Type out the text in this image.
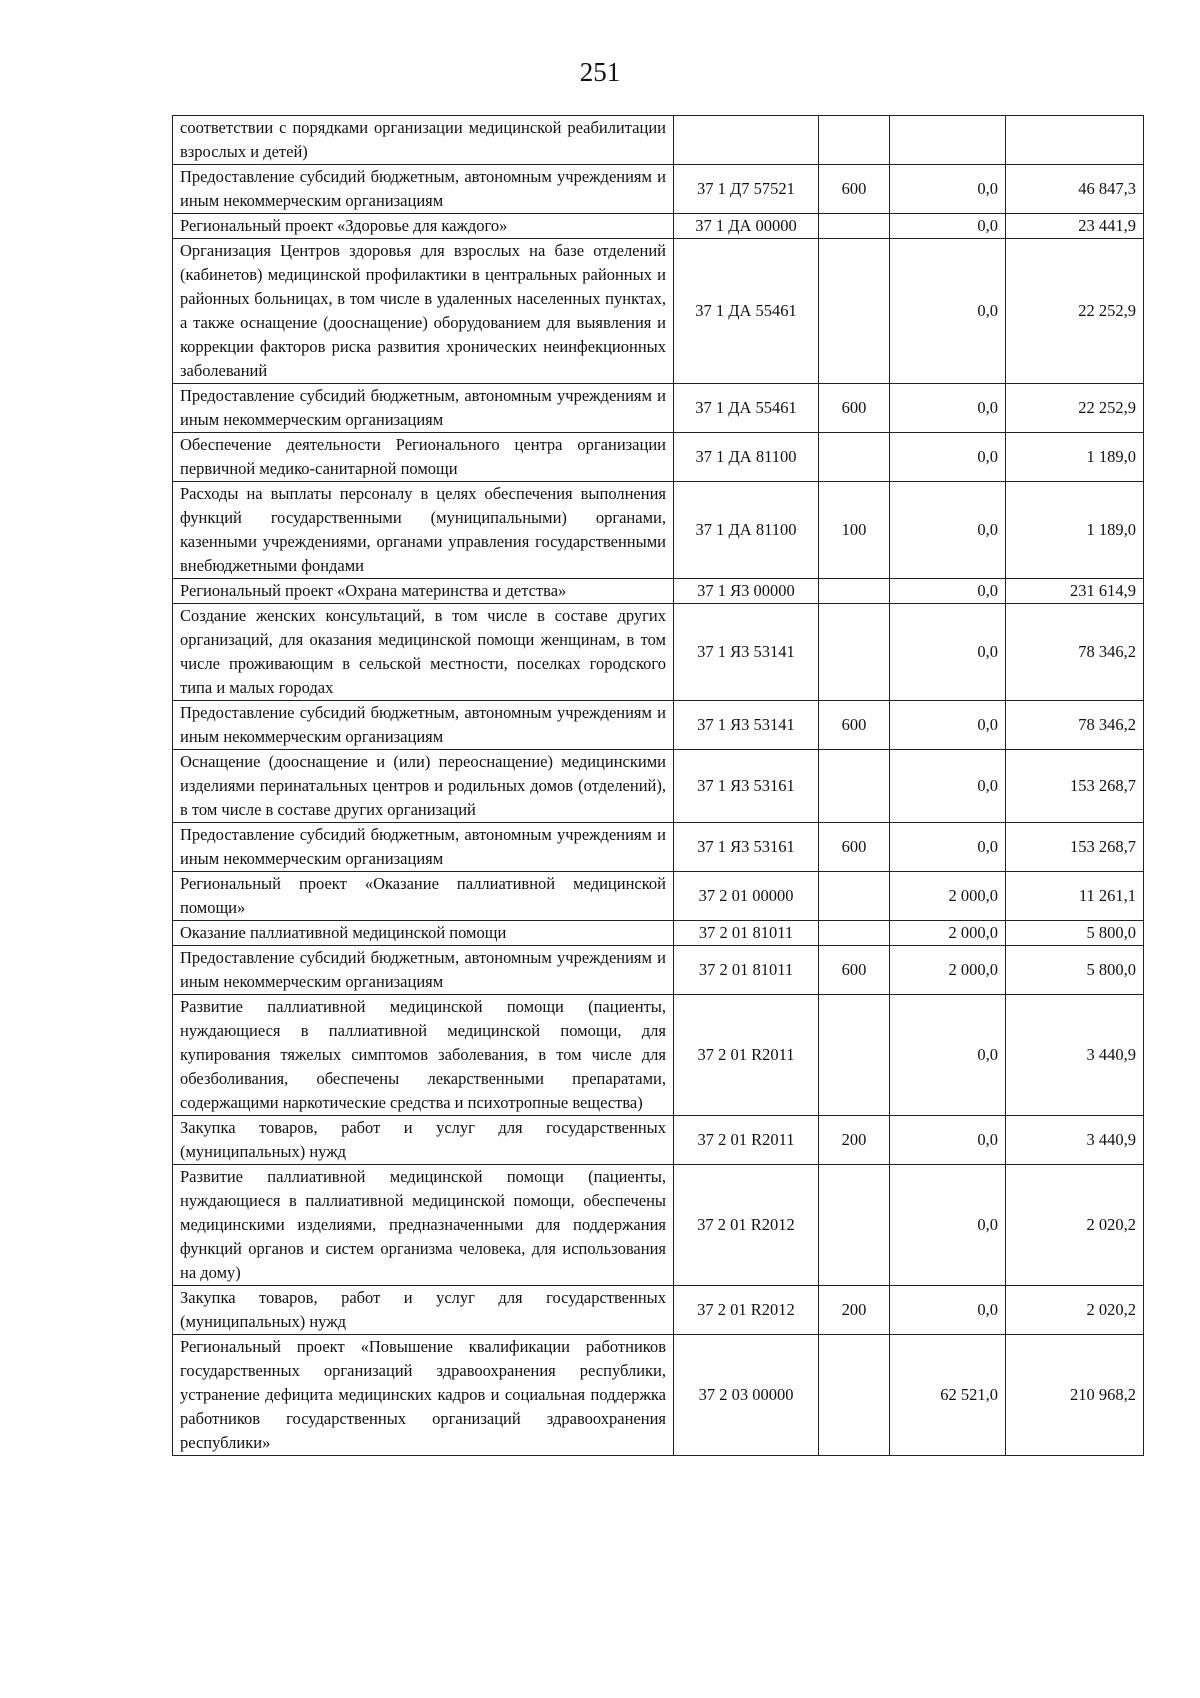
251
соответствии с порядками организации медицинской реабилитации взрослых и детей)				
Предоставление субсидий бюджетным, автономным учреждениям и иным некоммерческим организациям	37 1 Д7 57521	600	0,0	46 847,3
Региональный проект «Здоровье для каждого»	37 1 ДА 00000		0,0	23 441,9
Организация Центров здоровья для взрослых на базе отделений (кабинетов) медицинской профилактики в центральных районных и районных больницах, в том числе в удаленных населенных пунктах, а также оснащение (дооснащение) оборудованием для выявления и коррекции факторов риска развития хронических неинфекционных заболеваний	37 1 ДА 55461		0,0	22 252,9
Предоставление субсидий бюджетным, автономным учреждениям и иным некоммерческим организациям	37 1 ДА 55461	600	0,0	22 252,9
Обеспечение деятельности Регионального центра организации первичной медико-санитарной помощи	37 1 ДА 81100		0,0	1 189,0
Расходы на выплаты персоналу в целях обеспечения выполнения функций государственными (муниципальными) органами, казенными учреждениями, органами управления государственными внебюджетными фондами	37 1 ДА 81100	100	0,0	1 189,0
Региональный проект «Охрана материнства и детства»	37 1 Я3 00000		0,0	231 614,9
Создание женских консультаций, в том числе в составе других организаций, для оказания медицинской помощи женщинам, в том числе проживающим в сельской местности, поселках городского типа и малых городах	37 1 Я3 53141		0,0	78 346,2
Предоставление субсидий бюджетным, автономным учреждениям и иным некоммерческим организациям	37 1 Я3 53141	600	0,0	78 346,2
Оснащение (дооснащение и (или) переоснащение) медицинскими изделиями перинатальных центров и родильных домов (отделений), в том числе в составе других организаций	37 1 Я3 53161		0,0	153 268,7
Предоставление субсидий бюджетным, автономным учреждениям и иным некоммерческим организациям	37 1 Я3 53161	600	0,0	153 268,7
Региональный проект «Оказание паллиативной медицинской помощи»	37 2 01 00000		2 000,0	11 261,1
Оказание паллиативной медицинской помощи	37 2 01 81011		2 000,0	5 800,0
Предоставление субсидий бюджетным, автономным учреждениям и иным некоммерческим организациям	37 2 01 81011	600	2 000,0	5 800,0
Развитие паллиативной медицинской помощи (пациенты, нуждающиеся в паллиативной медицинской помощи, для купирования тяжелых симптомов заболевания, в том числе для обезболивания, обеспечены лекарственными препаратами, содержащими наркотические средства и психотропные вещества)	37 2 01 R2011		0,0	3 440,9
Закупка товаров, работ и услуг для государственных (муниципальных) нужд	37 2 01 R2011	200	0,0	3 440,9
Развитие паллиативной медицинской помощи (пациенты, нуждающиеся в паллиативной медицинской помощи, обеспечены медицинскими изделиями, предназначенными для поддержания функций органов и систем организма человека, для использования на дому)	37 2 01 R2012		0,0	2 020,2
Закупка товаров, работ и услуг для государственных (муниципальных) нужд	37 2 01 R2012	200	0,0	2 020,2
Региональный проект «Повышение квалификации работников государственных организаций здравоохранения республики, устранение дефицита медицинских кадров и социальная поддержка работников государственных организаций здравоохранения республики»	37 2 03 00000		62 521,0	210 968,2
